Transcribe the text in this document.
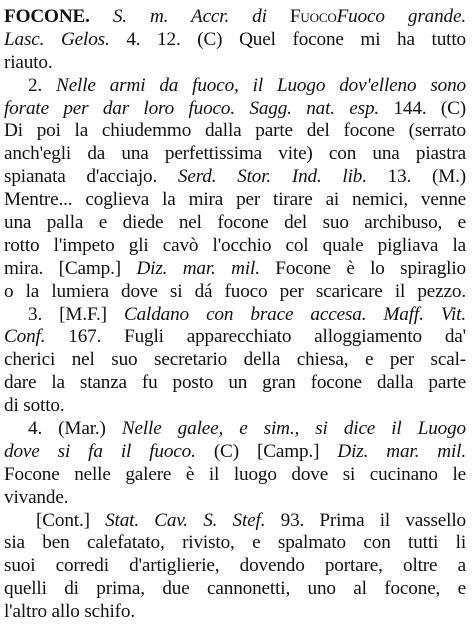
FOCONE. S. m. Accr. di FuocoFuoco grande.
Lasc. Gelos. 4. 12. (C) Quel focone mi ha tutto
riauto.
2. Nelle armi da fuoco, il Luogo dov'elleno sono
forate per dar loro fuoco. Sagg. nat. esp. 144. (C)
Di poi la chiudemmo dalla parte del focone (serrato
anch'egli da una perfettissima vite) con una piastra
spianata d'acciajo. Serd. Stor. Ind. lib. 13. (M.)
Mentre... coglieva la mira per tirare ai nemici, venne
una palla e diede nel focone del suo archibuso, e
rotto l'impeto gli cavò l'occhio col quale pigliava la
mira. [Camp.] Diz. mar. mil. Focone è lo spiraglio
o la lumiera dove si dá fuoco per scaricare il pezzo.
3. [M.F.] Caldano con brace accesa. Maff. Vit.
Conf. 167. Fugli apparecchiato alloggiamento da'
cherici nel suo secretario della chiesa, e per scal-
dare la stanza fu posto un gran focone dalla parte
di sotto.
4. (Mar.) Nelle galee, e sim., si dice il Luogo
dove si fa il fuoco. (C) [Camp.] Diz. mar. mil.
Focone nelle galere è il luogo dove si cucinano le
vivande.
[Cont.] Stat. Cav. S. Stef. 93. Prima il vassello
sia ben calefatato, rivisto, e spalmato con tutti li
suoi corredi d'artiglierie, dovendo portare, oltre a
quelli di prima, due cannonetti, uno al focone, e
l'altro allo schifo.
